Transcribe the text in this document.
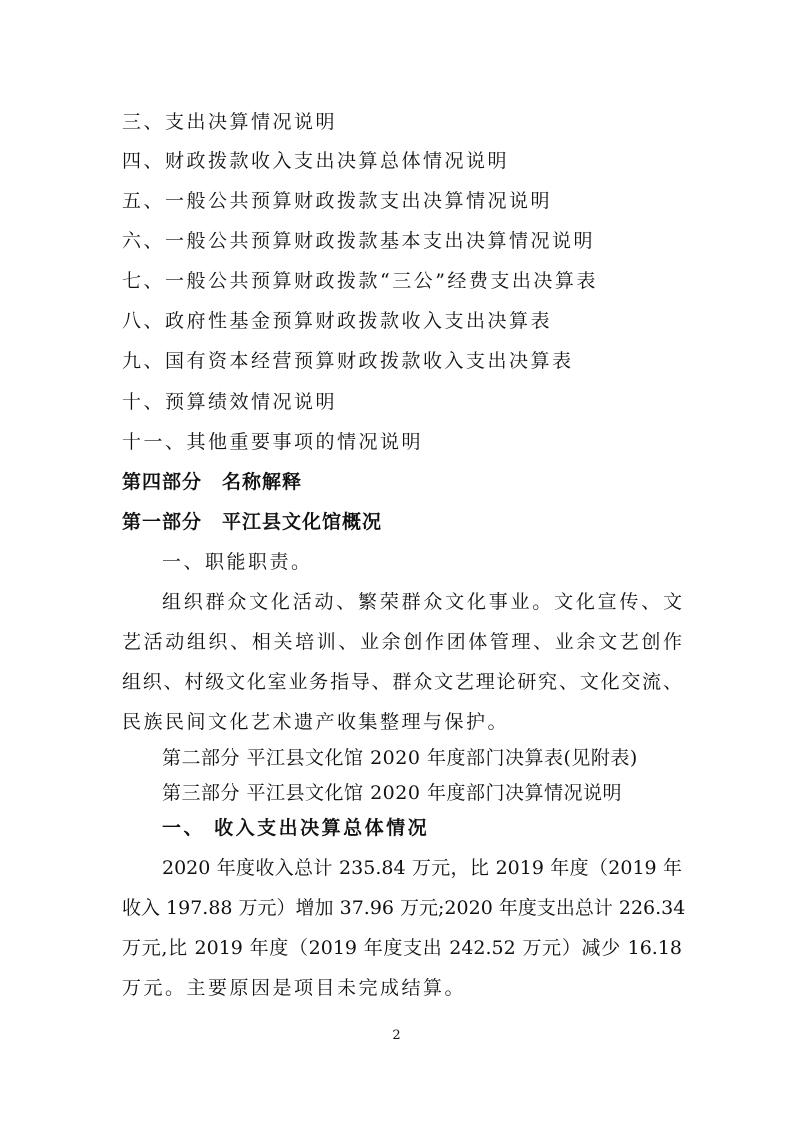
三、支出决算情况说明
四、财政拨款收入支出决算总体情况说明
五、一般公共预算财政拨款支出决算情况说明
六、一般公共预算财政拨款基本支出决算情况说明
七、一般公共预算财政拨款“三公”经费支出决算表
八、政府性基金预算财政拨款收入支出决算表
九、国有资本经营预算财政拨款收入支出决算表
十、预算绩效情况说明
十一、其他重要事项的情况说明
第四部分　名称解释
第一部分　平江县文化馆概况
一、职能职责。
组织群众文化活动、繁荣群众文化事业。文化宣传、文
艺活动组织、相关培训、业余创作团体管理、业余文艺创作
组织、村级文化室业务指导、群众文艺理论研究、文化交流、
民族民间文化艺术遗产收集整理与保护。
第二部分 平江县文化馆 2020 年度部门决算表(见附表)
第三部分 平江县文化馆 2020 年度部门决算情况说明
一、 收入支出决算总体情况
2020 年度收入总计 235.84 万元，比 2019 年度（2019 年
收入 197.88 万元）增加 37.96 万元;2020 年度支出总计 226.34
万元,比 2019 年度（2019 年度支出 242.52 万元）减少 16.18
万元。主要原因是项目未完成结算。
2
